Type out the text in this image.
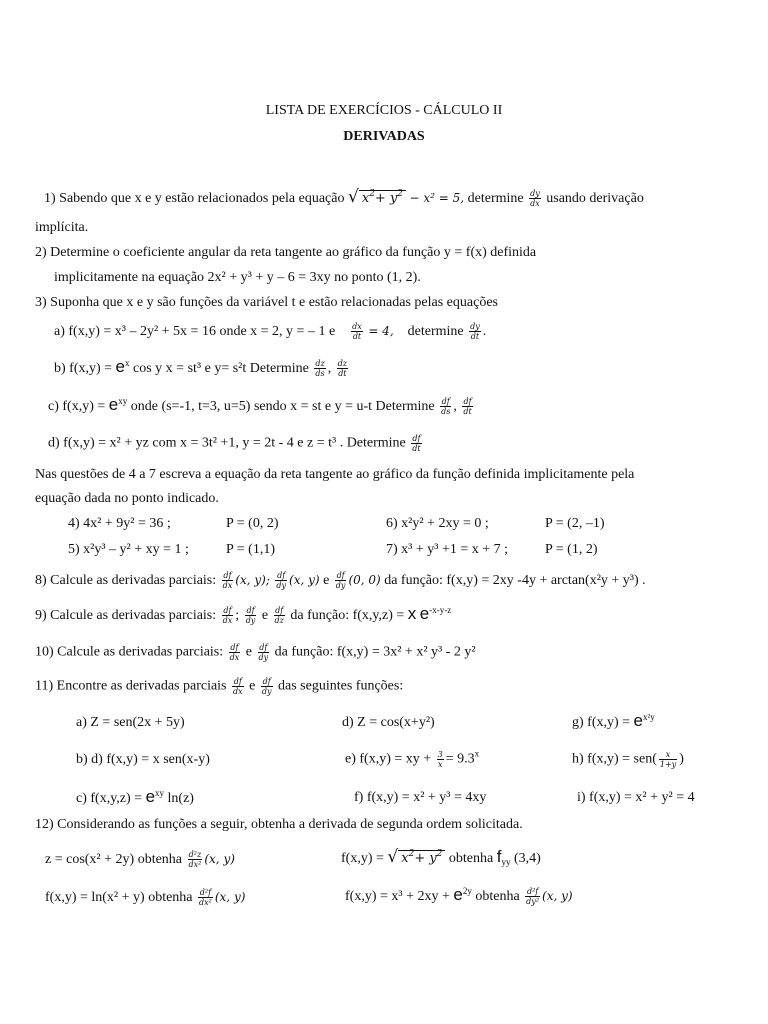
LISTA DE EXERCÍCIOS - CÁLCULO II
DERIVADAS
1) Sabendo que x e y estão relacionados pela equação √ $x^2+ y^2 - x^2 = 5$, determine $\frac{dy}{dx}$ usando derivação
implícita.
2) Determine o coeficiente angular da reta tangente ao gráfico da função y = f(x) definida
implicitamente na equação 2x² + y³ + y – 6 = 3xy no ponto (1, 2).
3) Suponha que x e y são funções da variável t e estão relacionadas pelas equações
a) f(x,y) = x³ – 2y² + 5x = 16 onde x = 2, y = – 1 e $\frac{dx}{dt} = 4$, determine $\frac{dy}{dt}$ .
b) $f(x,y) = e^x$ cos y x = st³ e y= s²t Determine $\frac{dz}{ds}$ , $\frac{dz}{dt}$
c) $f(x,y) = e^{xy}$ onde (s=-1, t=3, u=5) sendo x = st e y = u-t Determine $\frac{df}{ds}$ , $\frac{df}{dt}$
d) f(x,y) = x² + yz com x = 3t² +1, y = 2t - 4 e z = t³ . Determine $\frac{df}{dt}$
Nas questões de 4 a 7 escreva a equação da reta tangente ao gráfico da função definida implicitamente pela
equação dada no ponto indicado.
4) 4x² + 9y² = 36 ;	P = (0, 2)	6) x²y² + 2xy = 0 ;	P = (2, –1)
5) x²y³ – y² + xy = 1 ;	P = (1,1)	7) x³ + y³ +1 = x + 7 ;	P = (1, 2)
8) Calcule as derivadas parciais: $\frac{df}{dx} (x$, y); $\frac{df}{dy} (x$, y) e $\frac{df}{dy} (0$, 0) da função: f(x,y) = 2xy -4y + arctan(x²y + y³) .
9) Calcule as derivadas parciais: $\frac{df}{dx}$ ; $\frac{df}{dy}$ e $\frac{df}{dz}$ da função: f(x,y,z) = x $e^{-x-y-z}$
10) Calcule as derivadas parciais: $\frac{df}{dx}$ e $\frac{df}{dy}$ da função: f(x,y) = 3x² + x² y³ - 2 y²
11) Encontre as derivadas parciais $\frac{df}{dx}$ e $\frac{df}{dy}$ das seguintes funções:
a) Z = sen(2x + 5y)	d) Z = cos(x+y²)	g) $f(x,y) = e^{x^2y}$
b) d) f(x,y) = x sen(x-y)	e) f(x,y) = xy + $\frac{3}{x} = 9.3^x$	h) $f(x,y) = sen( \frac{x}{1+y}$ )
c) $f(x,y,z) = e^{xy}$ ln(z)	f) f(x,y) = x² + y³ = 4xy	i) f(x,y) = x² + y² = 4
12) Considerando as funções a seguir, obtenha a derivada de segunda ordem solicitada.
z = cos(x² + 2y) obtenha $\frac{\text{d²z}}{\text{dx²}} (x$, y)	f(x,y) = √ $x^2+ y^2$ obtenha $f_{yy}$ (3,4)
f(x,y) = ln(x² + y) obtenha $\frac{\text{d²f}}{\text{dx²}} (x$, y)	$f(x,y) = x^3 + 2xy + e^{2y}$ obtenha $\frac{\text{d²f}}{\text{dy²}} (x$, y)
